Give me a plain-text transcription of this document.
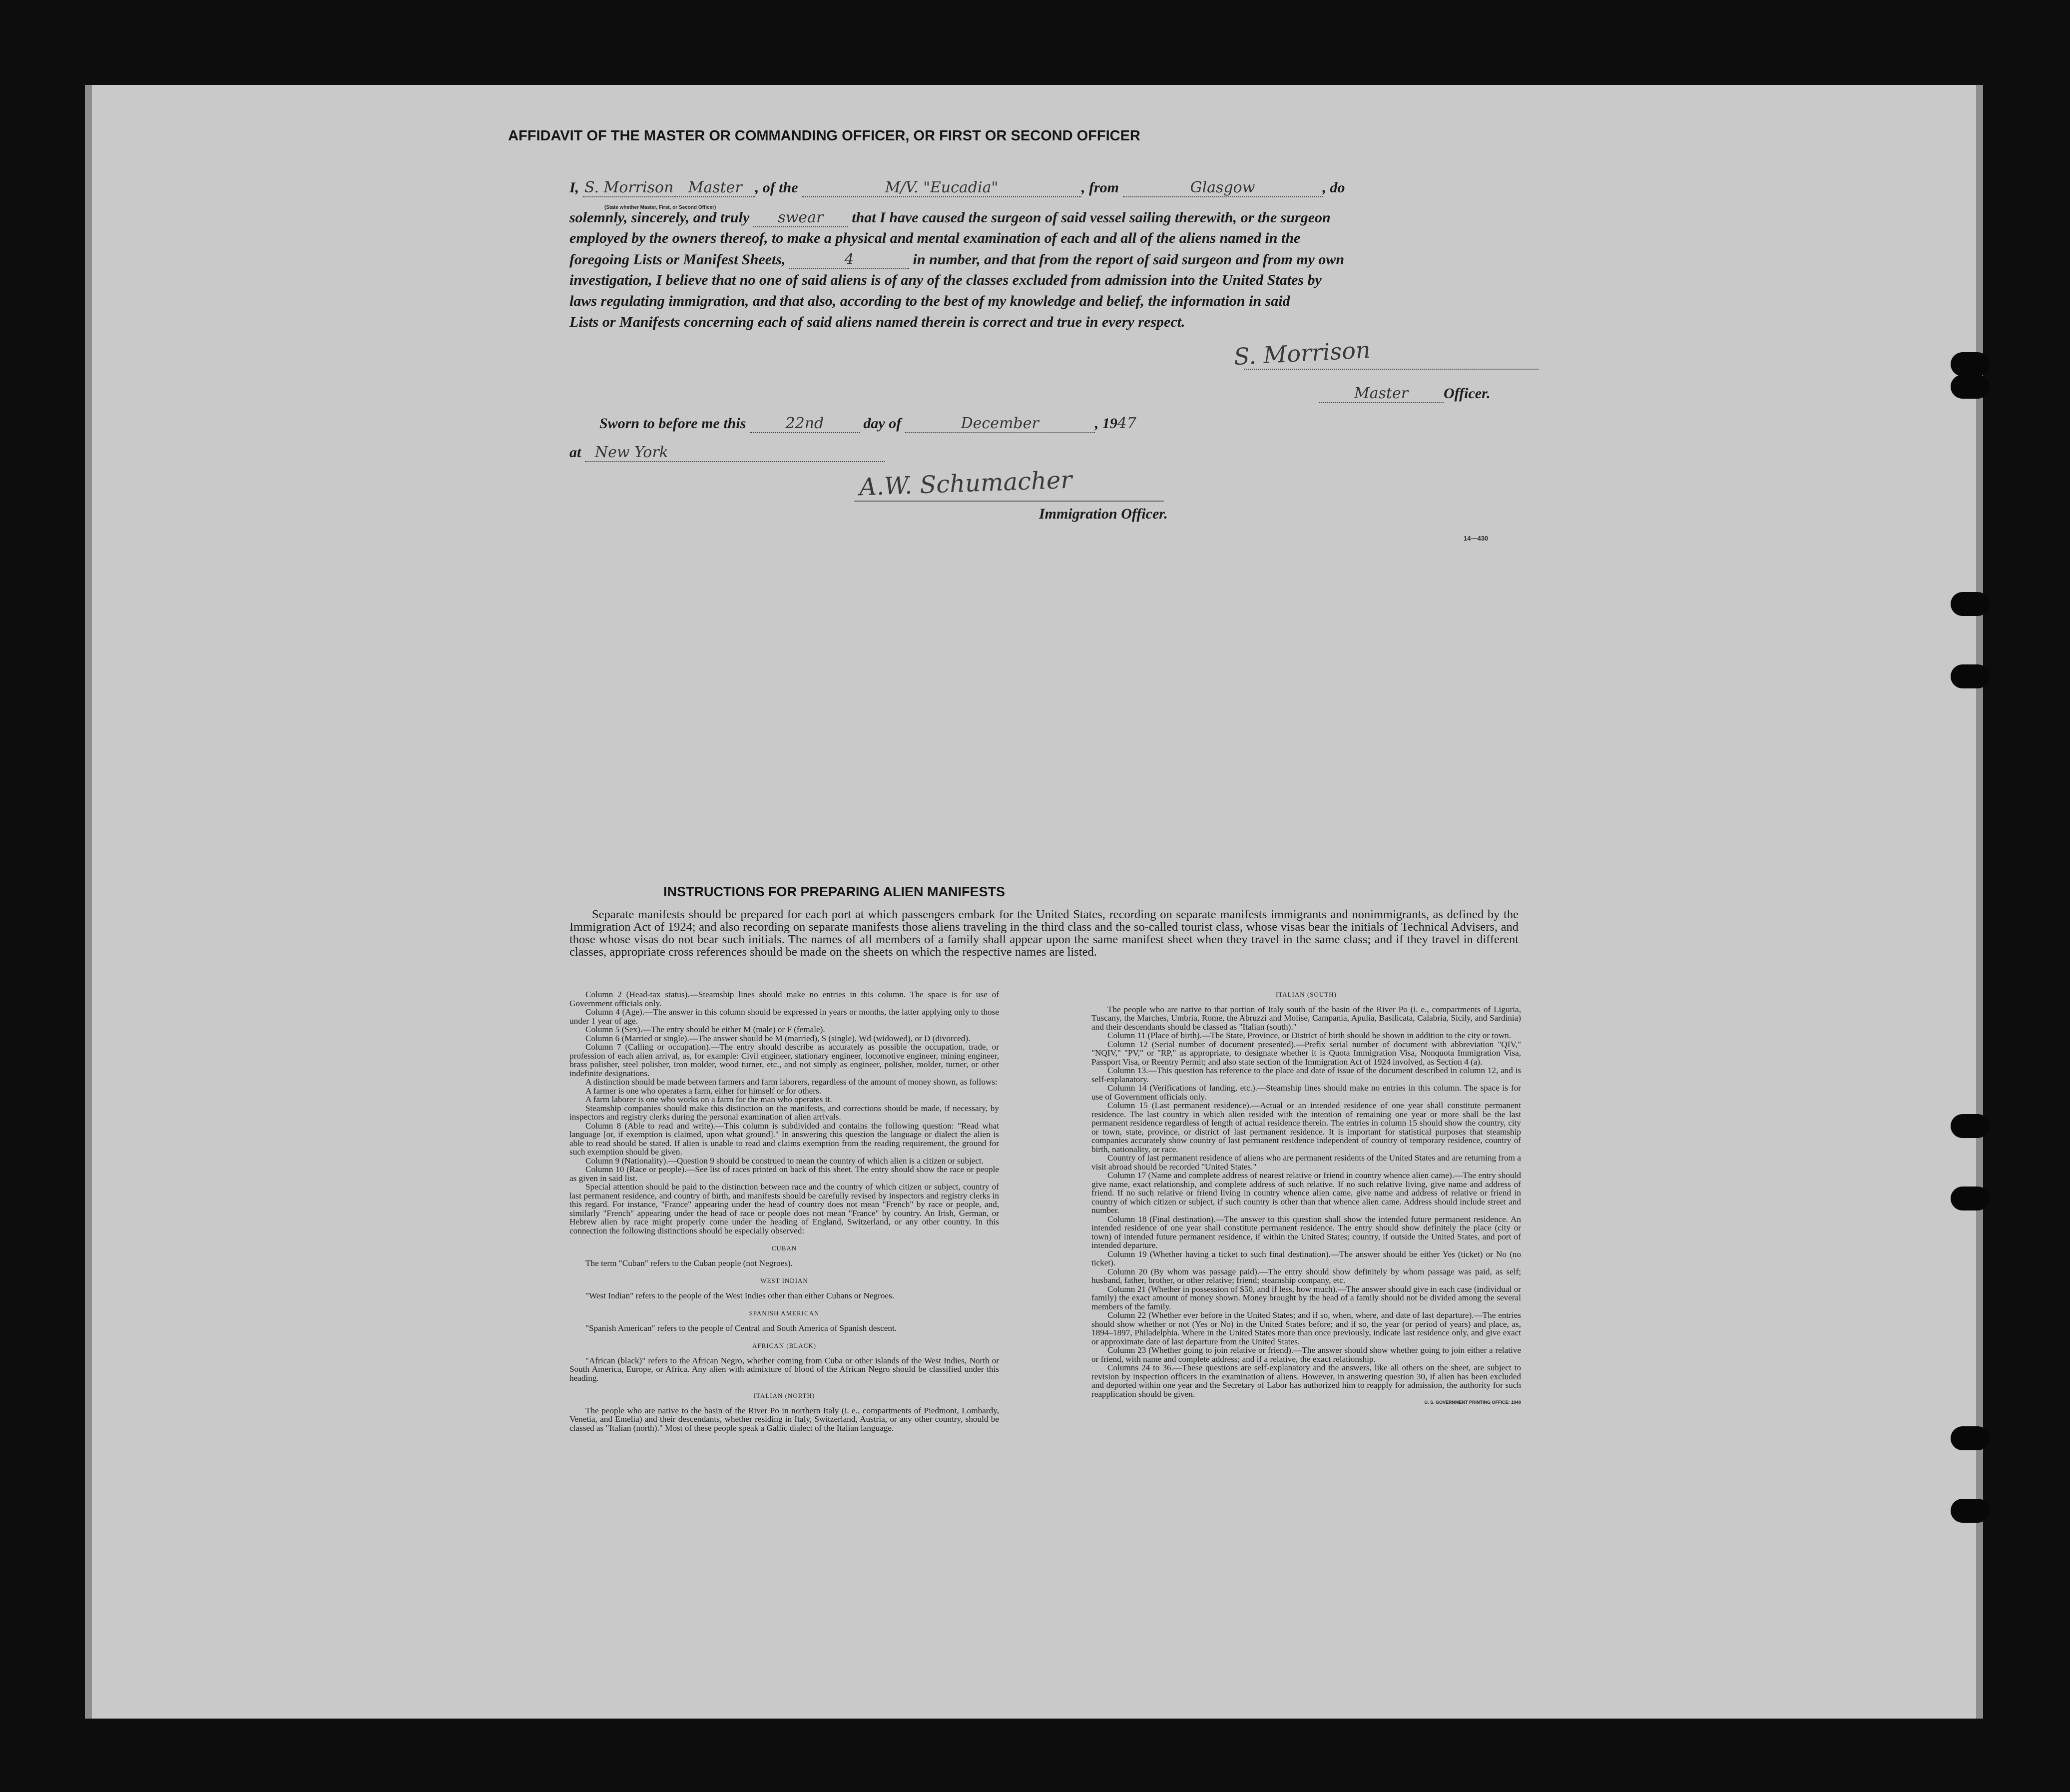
AFFIDAVIT OF THE MASTER OR COMMANDING OFFICER, OR FIRST OR SECOND OFFICER
I, S. Morrison Master , of the	M/V. "Eucadia"	, from	Glasgow	, do
(State whether Master, First, or Second Officer)
solemnly, sincerely, and truly swear that I have caused the surgeon of said vessel sailing therewith, or the surgeon
employed by the owners thereof, to make a physical and mental examination of each and all of the aliens named in the
foregoing Lists or Manifest Sheets,	4	in number, and that from the report of said surgeon and from my own
investigation, I believe that no one of said aliens is of any of the classes excluded from admission into the United States by
laws regulating immigration, and that also, according to the best of my knowledge and belief, the information in said
Lists or Manifests concerning each of said aliens named therein is correct and true in every respect.
S. Morrison
Master Officer.
Sworn to before me this	22nd	day of	December	, 1947
at New York
A.W. Schumacher
Immigration Officer.
14—430
INSTRUCTIONS FOR PREPARING ALIEN MANIFESTS
Separate manifests should be prepared for each port at which passengers embark for the United States, recording on separate manifests immigrants and nonimmigrants, as defined by the Immigration Act of 1924; and also recording on separate manifests those aliens traveling in the third class and the so-called tourist class, whose visas bear the initials of Technical Advisers, and those whose visas do not bear such initials. The names of all members of a family shall appear upon the same manifest sheet when they travel in the same class; and if they travel in different classes, appropriate cross references should be made on the sheets on which the respective names are listed.

Column 2 (Head-tax status).—Steamship lines should make no entries in this column. The space is for use of Government officials only.

Column 4 (Age).—The answer in this column should be expressed in years or months, the latter applying only to those under 1 year of age.

Column 5 (Sex).—The entry should be either M (male) or F (female).

Column 6 (Married or single).—The answer should be M (married), S (single), Wd (widowed), or D (divorced).

Column 7 (Calling or occupation).—The entry should describe as accurately as possible the occupation, trade, or profession of each alien arrival, as, for example: Civil engineer, stationary engineer, locomotive engineer, mining engineer, brass polisher, steel polisher, iron molder, wood turner, etc., and not simply as engineer, polisher, molder, turner, or other indefinite designations.

A distinction should be made between farmers and farm laborers, regardless of the amount of money shown, as follows:

A farmer is one who operates a farm, either for himself or for others.

A farm laborer is one who works on a farm for the man who operates it.

Steamship companies should make this distinction on the manifests, and corrections should be made, if necessary, by inspectors and registry clerks during the personal examination of alien arrivals.

Column 8 (Able to read and write).—This column is subdivided and contains the following question: "Read what language [or, if exemption is claimed, upon what ground]." In answering this question the language or dialect the alien is able to read should be stated. If alien is unable to read and claims exemption from the reading requirement, the ground for such exemption should be given.

Column 9 (Nationality).—Question 9 should be construed to mean the country of which alien is a citizen or subject.

Column 10 (Race or people).—See list of races printed on back of this sheet. The entry should show the race or people as given in said list.

Special attention should be paid to the distinction between race and the country of which citizen or subject, country of last permanent residence, and country of birth, and manifests should be carefully revised by inspectors and registry clerks in this regard. For instance, "France" appearing under the head of country does not mean "French" by race or people, and, similarly "French" appearing under the head of race or people does not mean "France" by country. An Irish, German, or Hebrew alien by race might properly come under the heading of England, Switzerland, or any other country. In this connection the following distinctions should be especially observed:

CUBAN

The term "Cuban" refers to the Cuban people (not Negroes).

WEST INDIAN

"West Indian" refers to the people of the West Indies other than either Cubans or Negroes.

SPANISH AMERICAN

"Spanish American" refers to the people of Central and South America of Spanish descent.

AFRICAN (BLACK)

"African (black)" refers to the African Negro, whether coming from Cuba or other islands of the West Indies, North or South America, Europe, or Africa. Any alien with admixture of blood of the African Negro should be classified under this heading.

ITALIAN (NORTH)

The people who are native to the basin of the River Po in northern Italy (i. e., compartments of Piedmont, Lombardy, Venetia, and Emelia) and their descendants, whether residing in Italy, Switzerland, Austria, or any other country, should be classed as "Italian (north)." Most of these people speak a Gallic dialect of the Italian language.

ITALIAN (SOUTH)

The people who are native to that portion of Italy south of the basin of the River Po (i. e., compartments of Liguria, Tuscany, the Marches, Umbria, Rome, the Abruzzi and Molise, Campania, Apulia, Basilicata, Calabria, Sicily, and Sardinia) and their descendants should be classed as "Italian (south)."

Column 11 (Place of birth).—The State, Province, or District of birth should be shown in addition to the city or town.

Column 12 (Serial number of document presented).—Prefix serial number of document with abbreviation "QIV," "NQIV," "PV," or "RP," as appropriate, to designate whether it is Quota Immigration Visa, Nonquota Immigration Visa, Passport Visa, or Reentry Permit; and also state section of the Immigration Act of 1924 involved, as Section 4 (a).

Column 13.—This question has reference to the place and date of issue of the document described in column 12, and is self-explanatory.

Column 14 (Verifications of landing, etc.).—Steamship lines should make no entries in this column. The space is for use of Government officials only.

Column 15 (Last permanent residence).—Actual or an intended residence of one year shall constitute permanent residence. The last country in which alien resided with the intention of remaining one year or more shall be the last permanent residence regardless of length of actual residence therein. The entries in column 15 should show the country, city or town, state, province, or district of last permanent residence. It is important for statistical purposes that steamship companies accurately show country of last permanent residence independent of country of temporary residence, country of birth, nationality, or race.

Country of last permanent residence of aliens who are permanent residents of the United States and are returning from a visit abroad should be recorded "United States."

Column 17 (Name and complete address of nearest relative or friend in country whence alien came).—The entry should give name, exact relationship, and complete address of such relative. If no such relative living, give name and address of friend. If no such relative or friend living in country whence alien came, give name and address of relative or friend in country of which citizen or subject, if such country is other than that whence alien came. Address should include street and number.

Column 18 (Final destination).—The answer to this question shall show the intended future permanent residence. An intended residence of one year shall constitute permanent residence. The entry should show definitely the place (city or town) of intended future permanent residence, if within the United States; country, if outside the United States, and port of intended departure.

Column 19 (Whether having a ticket to such final destination).—The answer should be either Yes (ticket) or No (no ticket).

Column 20 (By whom was passage paid).—The entry should show definitely by whom passage was paid, as self; husband, father, brother, or other relative; friend; steamship company, etc.

Column 21 (Whether in possession of $50, and if less, how much).—The answer should give in each case (individual or family) the exact amount of money shown. Money brought by the head of a family should not be divided among the several members of the family.

Column 22 (Whether ever before in the United States; and if so, when, where, and date of last departure).—The entries should show whether or not (Yes or No) in the United States before; and if so, the year (or period of years) and place, as, 1894–1897, Philadelphia. Where in the United States more than once previously, indicate last residence only, and give exact or approximate date of last departure from the United States.

Column 23 (Whether going to join relative or friend).—The answer should show whether going to join either a relative or friend, with name and complete address; and if a relative, the exact relationship.

Columns 24 to 36.—These questions are self-explanatory and the answers, like all others on the sheet, are subject to revision by inspection officers in the examination of aliens. However, in answering question 30, if alien has been excluded and deported within one year and the Secretary of Labor has authorized him to reapply for admission, the authority for such reapplication should be given.

U. S. GOVERNMENT PRINTING OFFICE: 1940
